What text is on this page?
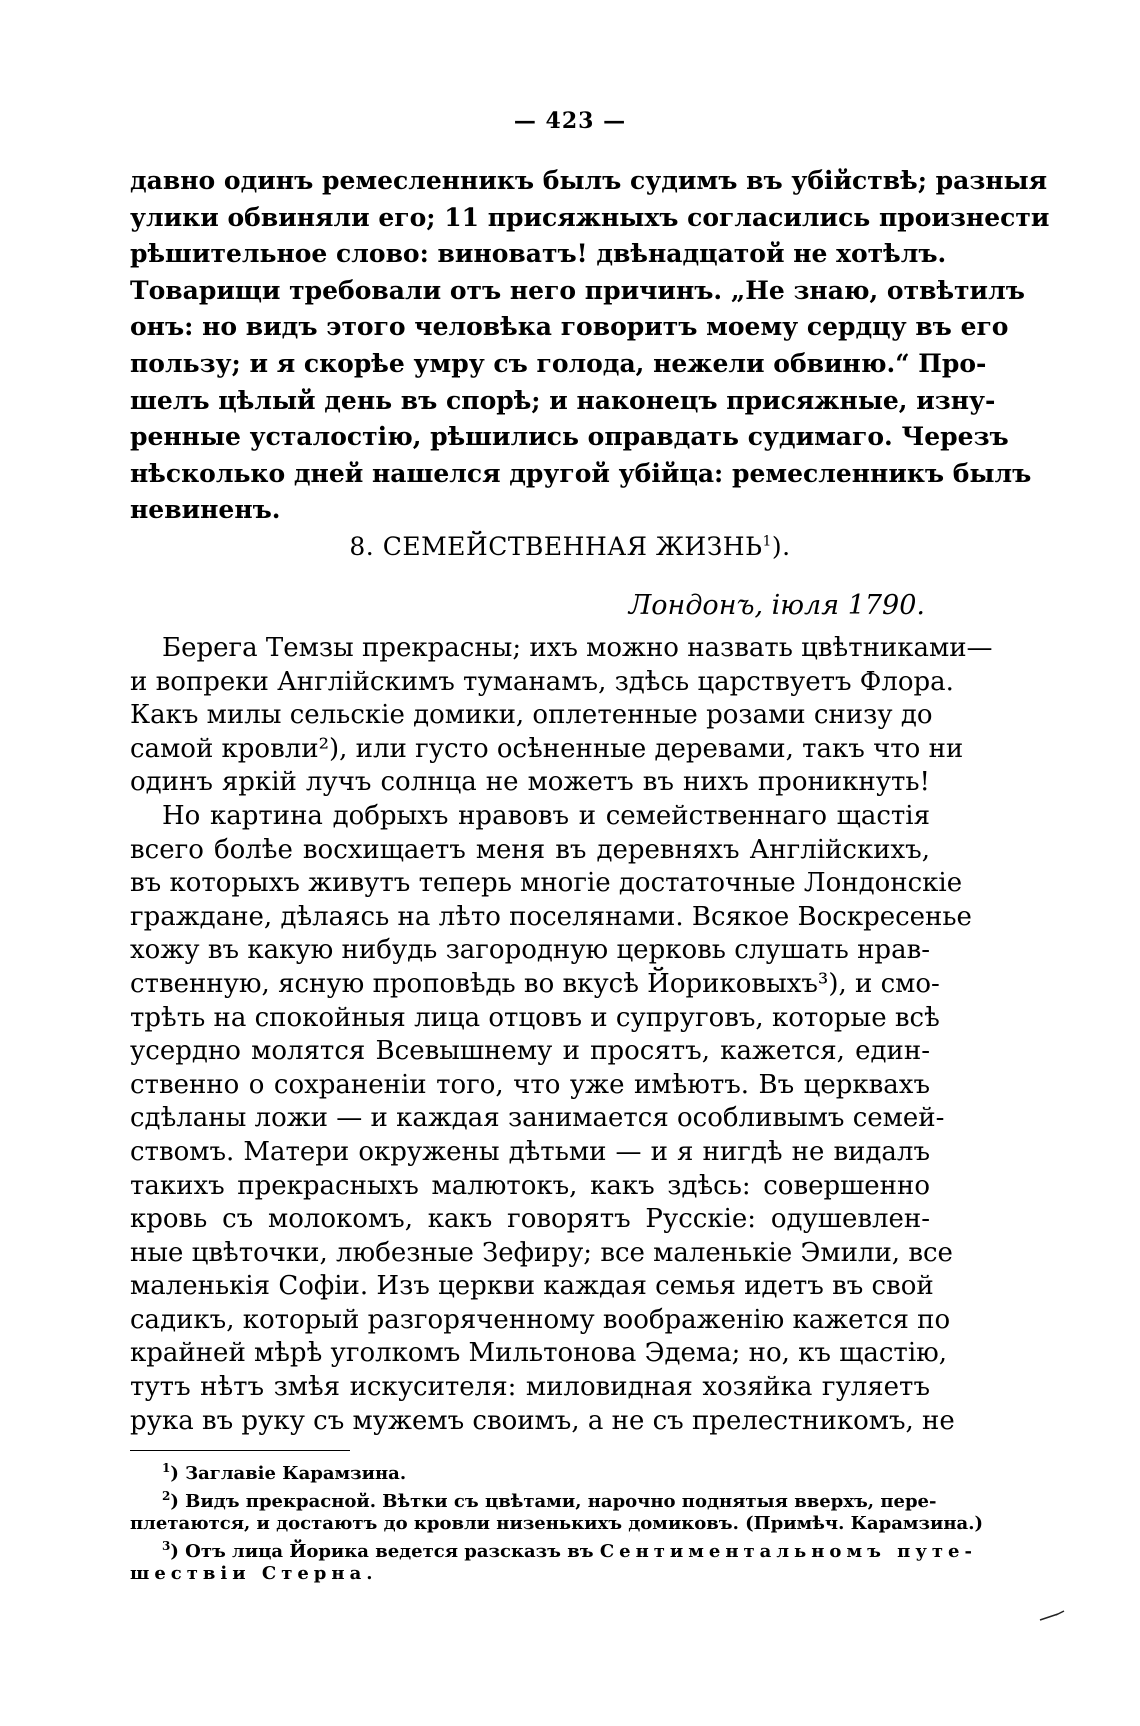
— 423 —
давно одинъ ремесленникъ былъ судимъ въ убійствѣ; разныя
улики обвиняли его; 11 присяжныхъ согласились произнести
рѣшительное слово: виноватъ! двѣнадцатой не хотѣлъ.
Товарищи требовали отъ него причинъ. „Не знаю, отвѣтилъ
онъ: но видъ этого человѣка говоритъ моему сердцу въ его
пользу; и я скорѣе умру съ голода, нежели обвиню.“ Про-
шелъ цѣлый день въ спорѣ; и наконецъ присяжные, изну-
ренные усталостію, рѣшились оправдать судимаго. Черезъ
нѣсколько дней нашелся другой убійца: ремесленникъ былъ
невиненъ.
8. СЕМЕЙСТВЕННАЯ ЖИЗНЬ$^1$).
Лондонъ, іюля 1790.
Берега Темзы прекрасны; ихъ можно назвать цвѣтниками—
и вопреки Англійскимъ туманамъ, здѣсь царствуетъ Флора.
Какъ милы сельскіе домики, оплетенные розами снизу до
самой кровли²), или густо осѣненные деревами, такъ что ни
одинъ яркій лучъ солнца не можетъ въ нихъ проникнуть!
Но картина добрыхъ нравовъ и семейственнаго щастія
всего болѣе восхищаетъ меня въ деревняхъ Англійскихъ,
въ которыхъ живутъ теперь многіе достаточные Лондонскіе
граждане, дѣлаясь на лѣто поселянами. Всякое Воскресенье
хожу въ какую нибудь загородную церковь слушать нрав-
ственную, ясную проповѣдь во вкусѣ Йориковыхъ³), и смо-
трѣть на спокойныя лица отцовъ и супруговъ, которые всѣ
усердно молятся Всевышнему и просятъ, кажется, един-
ственно о сохраненіи того, что уже имѣютъ. Въ церквахъ
сдѣланы ложи — и каждая занимается особливымъ семей-
ствомъ. Матери окружены дѣтьми — и я нигдѣ не видалъ
такихъ прекрасныхъ малютокъ, какъ здѣсь: совершенно
кровь съ молокомъ, какъ говорятъ Русскіе: одушевлен-
ные цвѣточки, любезные Зефиру; все маленькіе Эмили, все
маленькія Софіи. Изъ церкви каждая семья идетъ въ свой
садикъ, который разгоряченному воображенію кажется по
крайней мѣрѣ уголкомъ Мильтонова Эдема; но, къ щастію,
тутъ нѣтъ змѣя искусителя: миловидная хозяйка гуляетъ
рука въ руку съ мужемъ своимъ, а не съ прелестникомъ, не
$^1$) Заглавіе Карамзина.
$^2$) Видъ прекрасной. Вѣтки съ цвѣтами, нарочно поднятыя вверхъ, пере-
плетаются, и достаютъ до кровли низенькихъ домиковъ. (Примѣч. Карамзина.)
$^3$) Отъ лица Йорика ведется разсказъ въ Сентиментальномъ путе-
шествіи Стерна.
